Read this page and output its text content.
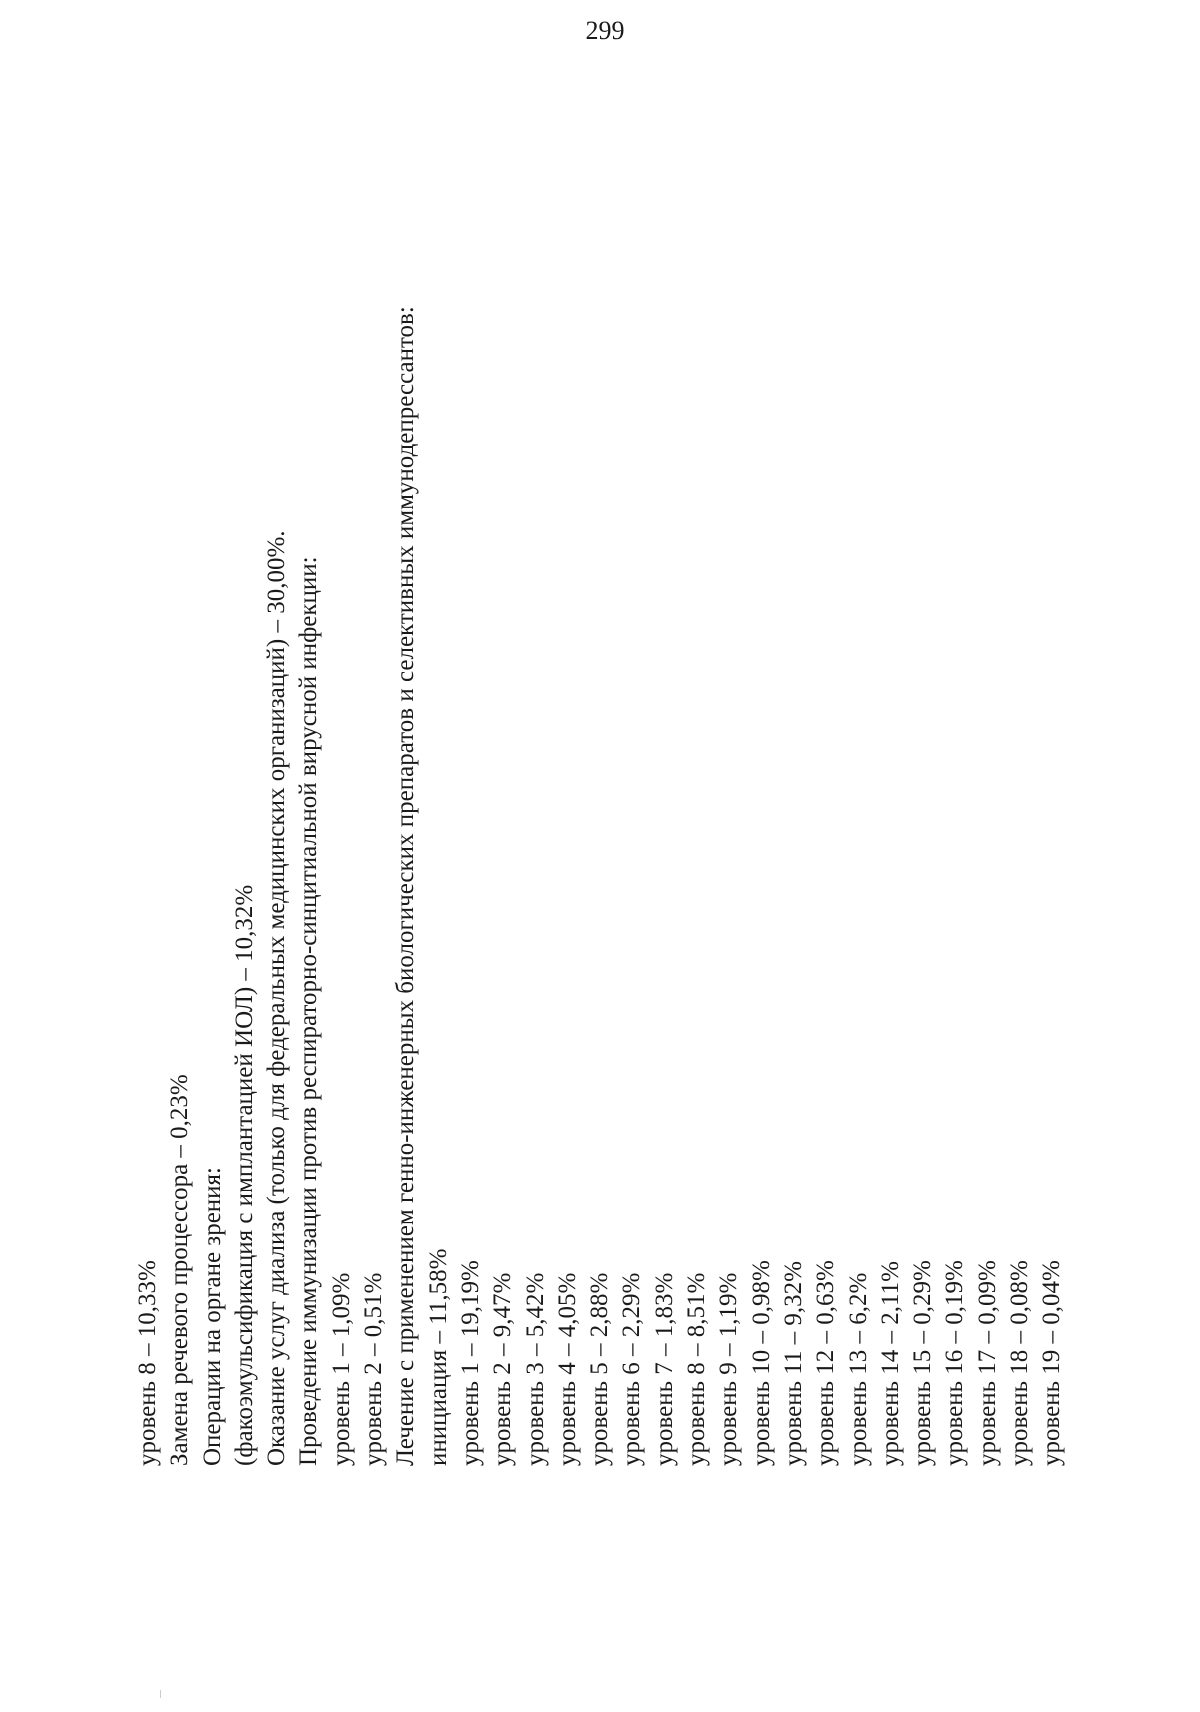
299
уровень 8 – 10,33% Замена речевого процессора – 0,23% Операции на органе зрения: (факоэмульсификация с имплантацией ИОЛ) – 10,32% Оказание услуг диализа (только для федеральных медицинских организаций) – 30,00%. Проведение иммунизации против респираторно-синцитиальной вирусной инфекции: уровень 1 – 1,09% уровень 2 – 0,51% Лечение с применением генно-инженерных биологических препаратов и селективных иммунодепрессантов: инициация – 11,58% уровень 1 – 19,19% уровень 2 – 9,47% уровень 3 – 5,42% уровень 4 – 4,05% уровень 5 – 2,88% уровень 6 – 2,29% уровень 7 – 1,83% уровень 8 – 8,51% уровень 9 – 1,19% уровень 10 – 0,98% уровень 11 – 9,32% уровень 12 – 0,63% уровень 13 – 6,2% уровень 14 – 2,11% уровень 15 – 0,29% уровень 16 – 0,19% уровень 17 – 0,09% уровень 18 – 0,08% уровень 19 – 0,04%
